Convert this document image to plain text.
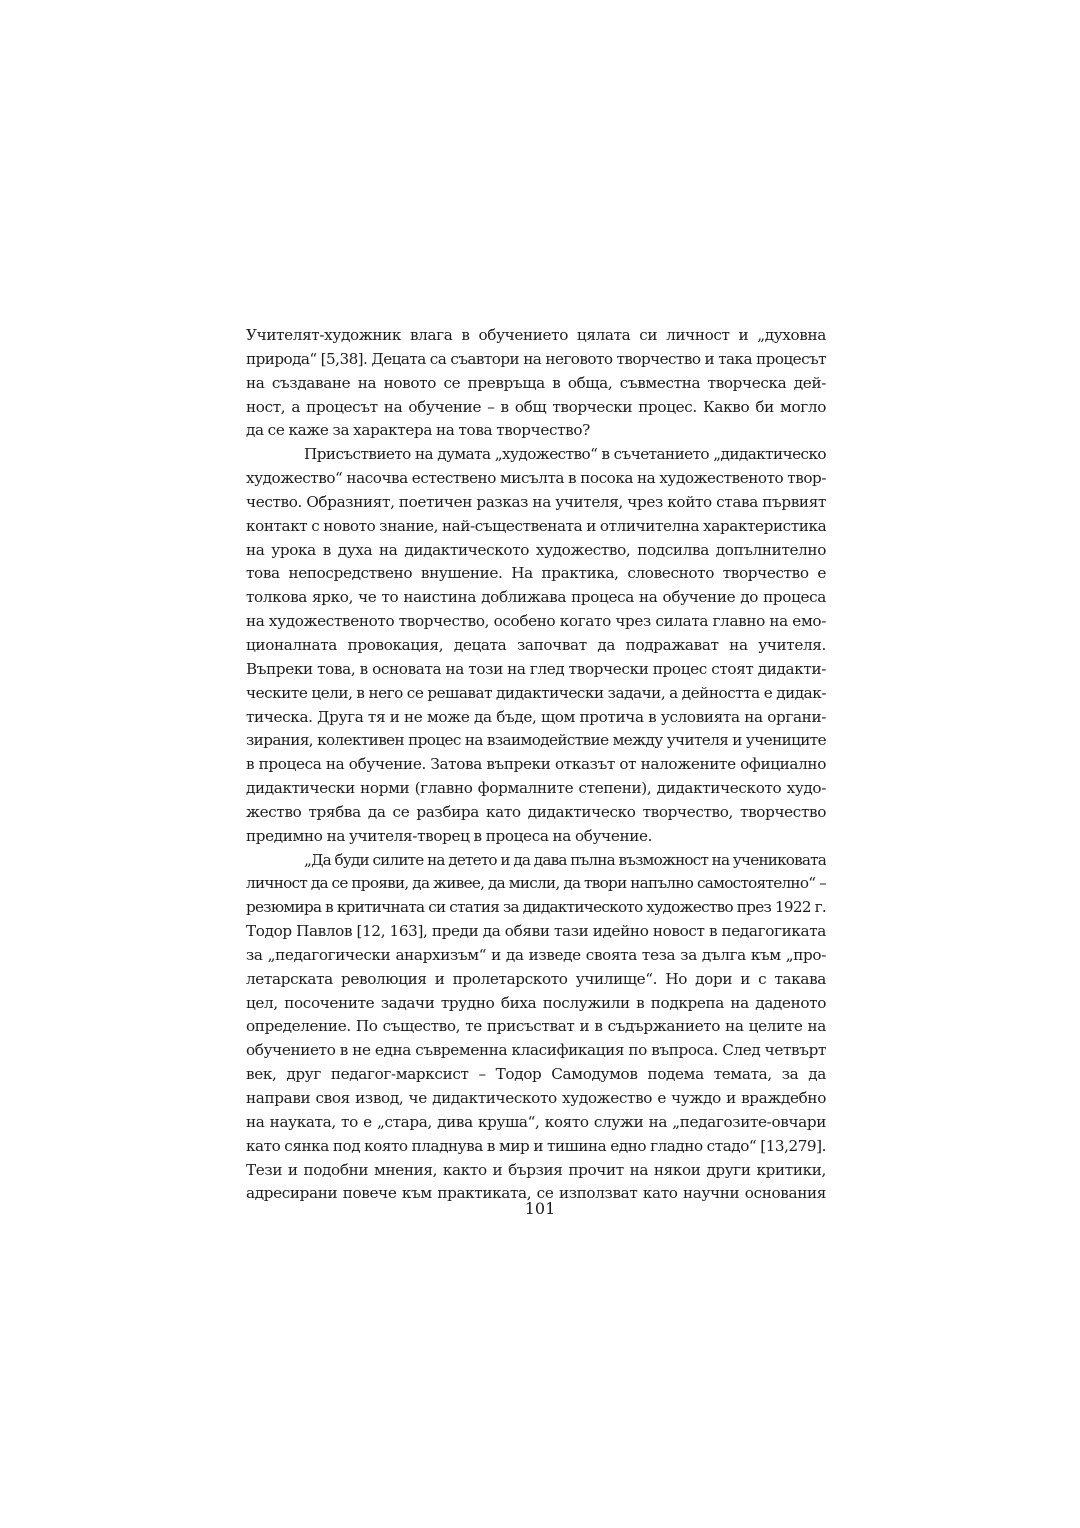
Учителят-художник влага в обучението цялата си личност и „духовна
природа“ [5,38]. Децата са съавтори на неговото творчество и така процесът
на създаване на новото се превръща в обща, съвместна творческа дей-
ност, а процесът на обучение – в общ творчески процес. Какво би могло
да се каже за характера на това творчество?
Присъствието на думата „художество“ в съчетанието „дидактическо
художество“ насочва естествено мисълта в посока на художественото твор-
чество. Образният, поетичен разказ на учителя, чрез който става първият
контакт с новото знание, най-съществената и отличителна характеристика
на урока в духа на дидактическото художество, подсилва допълнително
това непосредствено внушение. На практика, словесното творчество е
толкова ярко, че то наистина доближава процеса на обучение до процеса
на художественото творчество, особено когато чрез силата главно на емо-
ционалната провокация, децата започват да подражават на учителя.
Въпреки това, в основата на този на глед творчески процес стоят дидакти-
ческите цели, в него се решават дидактически задачи, а дейността е дидак-
тическа. Друга тя и не може да бъде, щом протича в условията на органи-
зирания, колективен процес на взаимодействие между учителя и учениците
в процеса на обучение. Затова въпреки отказът от наложените официално
дидактически норми (главно формалните степени), дидактическото худо-
жество трябва да се разбира като дидактическо творчество, творчество
предимно на учителя-творец в процеса на обучение.
„Да буди силите на детето и да дава пълна възможност на учениковата
личност да се прояви, да живее, да мисли, да твори напълно самостоятелно“ –
резюмира в критичната си статия за дидактическото художество през 1922 г.
Тодор Павлов [12, 163], преди да обяви тази идейно новост в педагогиката
за „педагогически анархизъм“ и да изведе своята теза за дълга към „про-
летарската революция и пролетарското училище“. Но дори и с такава
цел, посочените задачи трудно биха послужили в подкрепа на даденото
определение. По същество, те присъстват и в съдържанието на целите на
обучението в не една съвременна класификация по въпроса. След четвърт
век, друг педагог-марксист – Тодор Самодумов подема темата, за да
направи своя извод, че дидактическото художество е чуждо и враждебно
на науката, то е „стара, дива круша“, която служи на „педагозите-овчари
като сянка под която пладнува в мир и тишина едно гладно стадо“ [13,279].
Тези и подобни мнения, както и бързия прочит на някои други критики,
адресирани повече към практиката, се използват като научни основания
101
